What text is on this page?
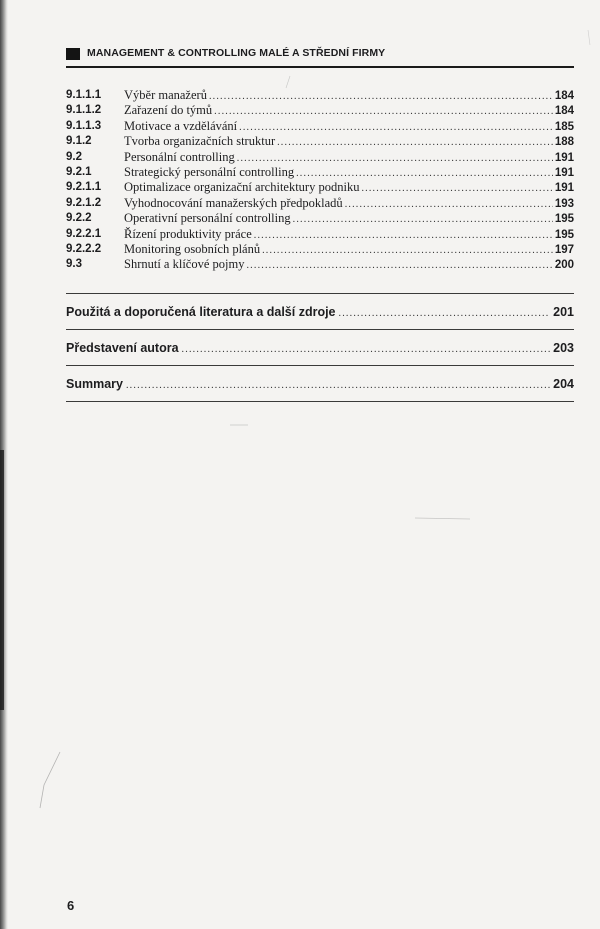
MANAGEMENT & CONTROLLING MALÉ A STŘEDNÍ FIRMY
9.1.1.1 Výběr manažerů .....	184
9.1.1.2 Zařazení do týmů .....	184
9.1.1.3 Motivace a vzdělávání .....	185
9.1.2	Tvorba organizačních struktur .....	188
9.2	Personální controlling .....	191
9.2.1	Strategický personální controlling .....	191
9.2.1.1 Optimalizace organizační architektury podniku .....	191
9.2.1.2 Vyhodnocování manažerských předpokladů .....	193
9.2.2	Operativní personální controlling .....	195
9.2.2.1 Řízení produktivity práce .....	195
9.2.2.2 Monitoring osobních plánů .....	197
9.3	Shrnutí a klíčové pojmy .....	200
Použitá a doporučená literatura a další zdroje .....	201
Představení autora .....	203
Summary .....	204
6
